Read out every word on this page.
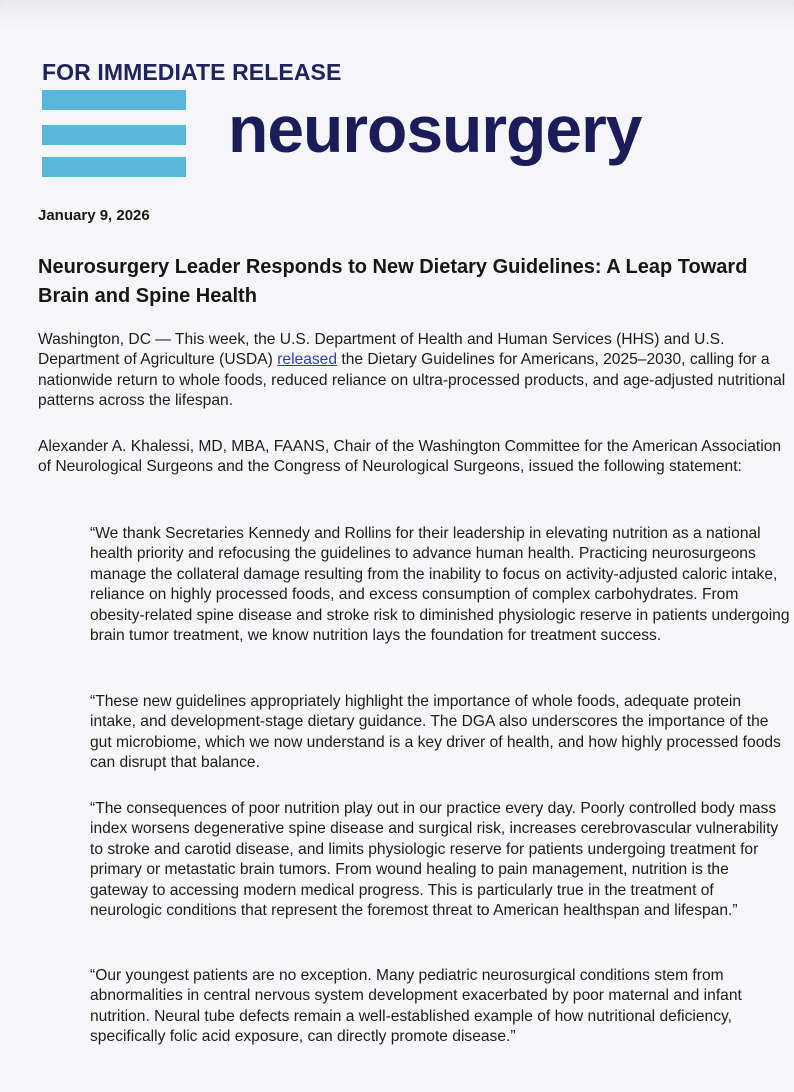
FOR IMMEDIATE RELEASE
neurosurgery
January 9, 2026
Neurosurgery Leader Responds to New Dietary Guidelines: A Leap Toward Brain and Spine Health
Washington, DC — This week, the U.S. Department of Health and Human Services (HHS) and U.S. Department of Agriculture (USDA) released the Dietary Guidelines for Americans, 2025–2030, calling for a nationwide return to whole foods, reduced reliance on ultra-processed products, and age-adjusted nutritional patterns across the lifespan.
Alexander A. Khalessi, MD, MBA, FAANS, Chair of the Washington Committee for the American Association of Neurological Surgeons and the Congress of Neurological Surgeons, issued the following statement:
“We thank Secretaries Kennedy and Rollins for their leadership in elevating nutrition as a national health priority and refocusing the guidelines to advance human health. Practicing neurosurgeons manage the collateral damage resulting from the inability to focus on activity-adjusted caloric intake, reliance on highly processed foods, and excess consumption of complex carbohydrates. From obesity-related spine disease and stroke risk to diminished physiologic reserve in patients undergoing brain tumor treatment, we know nutrition lays the foundation for treatment success.
“These new guidelines appropriately highlight the importance of whole foods, adequate protein intake, and development-stage dietary guidance. The DGA also underscores the importance of the gut microbiome, which we now understand is a key driver of health, and how highly processed foods can disrupt that balance.
“The consequences of poor nutrition play out in our practice every day. Poorly controlled body mass index worsens degenerative spine disease and surgical risk, increases cerebrovascular vulnerability to stroke and carotid disease, and limits physiologic reserve for patients undergoing treatment for primary or metastatic brain tumors. From wound healing to pain management, nutrition is the gateway to accessing modern medical progress. This is particularly true in the treatment of neurologic conditions that represent the foremost threat to American healthspan and lifespan.”
“Our youngest patients are no exception. Many pediatric neurosurgical conditions stem from abnormalities in central nervous system development exacerbated by poor maternal and infant nutrition. Neural tube defects remain a well-established example of how nutritional deficiency, specifically folic acid exposure, can directly promote disease.”
